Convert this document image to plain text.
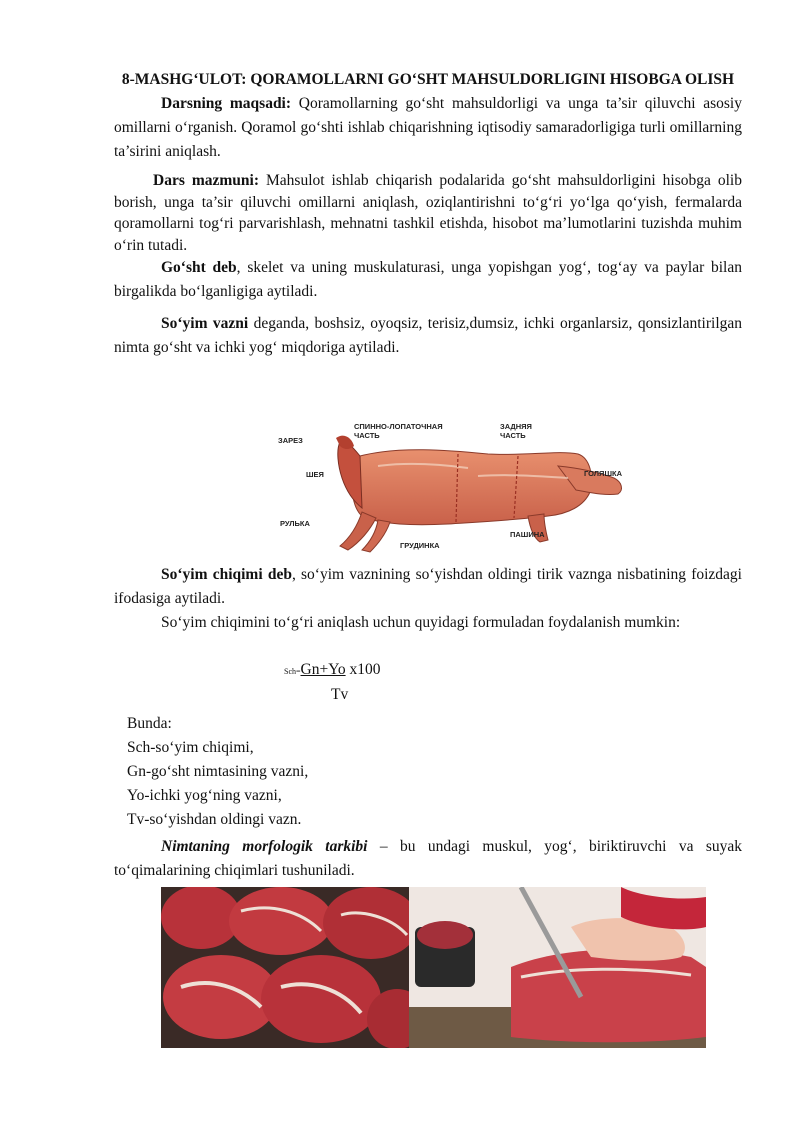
8-MASHG‘ULOT: QORAMOLLARNI GO‘SHT MAHSULDORLIGINI HISOBGA OLISH

Darsning maqsadi: Qoramollarning go‘sht mahsuldorligi va unga ta’sir qiluvchi asosiy omillarni o‘rganish. Qoramol go‘shti ishlab chiqarishning iqtisodiy samaradorligiga turli omillarning ta’sirini aniqlash.

Dars mazmuni: Mahsulot ishlab chiqarish podalarida go‘sht mahsuldorligini hisobga olib borish, unga ta’sir qiluvchi omillarni aniqlash, oziqlantirishni to‘g‘ri yo‘lga qo‘yish, fermalarda qoramollarni tog‘ri parvarishlash, mehnatni tashkil etishda, hisobot ma’lumotlarini tuzishda muhim o‘rin tutadi.

Go‘sht deb, skelet va uning muskulaturasi, unga yopishgan yog‘, tog‘ay va paylar bilan birgalikda bo‘lganligiga aytiladi.

So‘yim vazni deganda, boshsiz, oyoqsiz, terisiz,dumsiz, ichki organlarsiz, qonsizlantirilgan nimta go‘sht va ichki yog‘ miqdoriga aytiladi.

ЗАРЕЗ
СПИННО-ЛОПАТОЧНАЯ
ЧАСТЬ
ЗАДНЯЯ
ЧАСТЬ
ШЕЯ	ГОЛЯШКА
РУЛЬКА
ПАШИНА
ГРУДИНКА

So‘yim chiqimi deb, so‘yim vaznining so‘yishdan oldingi tirik vaznga nisbatining foizdagi ifodasiga aytiladi.

So‘yim chiqimini to‘g‘ri aniqlash uchun quyidagi formuladan foydalanish mumkin:

Sch=Gn+Yo x100
Tv
Bunda:
Sch-so‘yim chiqimi,
Gn-go‘sht nimtasining vazni,
Yo-ichki yog‘ning vazni,
Tv-so‘yishdan oldingi vazn.

Nimtaning morfologik tarkibi – bu undagi muskul, yog‘, biriktiruvchi va suyak to‘qimalarining chiqimlari tushuniladi.
